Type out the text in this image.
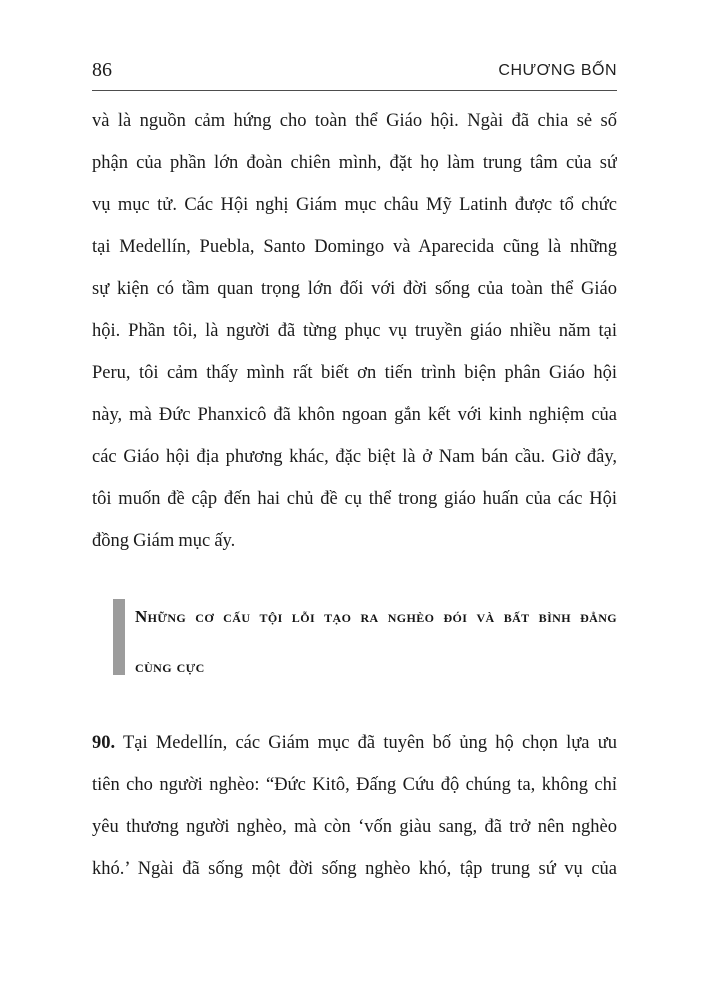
86	CHƯƠNG BỐN
và là nguồn cảm hứng cho toàn thể Giáo hội. Ngài đã chia sẻ số
phận của phần lớn đoàn chiên mình, đặt họ làm trung tâm của sứ
vụ mục tử. Các Hội nghị Giám mục châu Mỹ Latinh được tổ chức
tại Medellín, Puebla, Santo Domingo và Aparecida cũng là những
sự kiện có tầm quan trọng lớn đối với đời sống của toàn thể Giáo
hội. Phần tôi, là người đã từng phục vụ truyền giáo nhiều năm tại
Peru, tôi cảm thấy mình rất biết ơn tiến trình biện phân Giáo hội
này, mà Đức Phanxicô đã khôn ngoan gắn kết với kinh nghiệm của
các Giáo hội địa phương khác, đặc biệt là ở Nam bán cầu. Giờ đây,
tôi muốn đề cập đến hai chủ đề cụ thể trong giáo huấn của các Hội
đồng Giám mục ấy.
Những cơ cấu tội lỗi tạo ra nghèo đói và bất bình đẳng
cùng cực
90. Tại Medellín, các Giám mục đã tuyên bố ủng hộ chọn lựa ưu
tiên cho người nghèo: “Đức Kitô, Đấng Cứu độ chúng ta, không chỉ
yêu thương người nghèo, mà còn ‘vốn giàu sang, đã trở nên nghèo
khó.’ Ngài đã sống một đời sống nghèo khó, tập trung sứ vụ của
